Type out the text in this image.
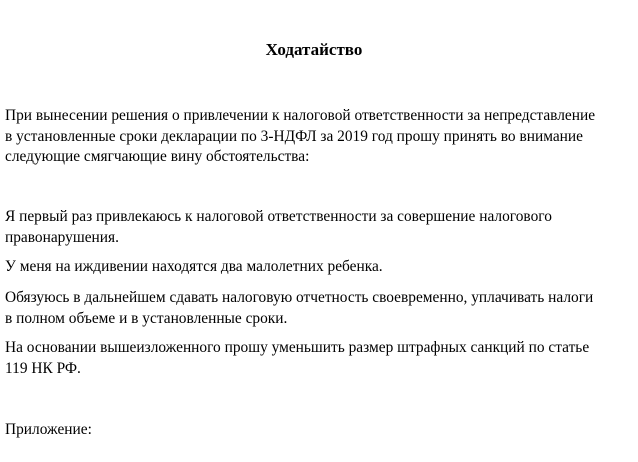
Ходатайство

При вынесении решения о привлечении к налоговой ответственности за непредставление
в установленные сроки декларации по 3-НДФЛ за 2019 год прошу принять во внимание
следующие смягчающие вину обстоятельства:

Я первый раз привлекаюсь к налоговой ответственности за совершение налогового
правонарушения.

У меня на иждивении находятся два малолетних ребенка.

Обязуюсь в дальнейшем сдавать налоговую отчетность своевременно, уплачивать налоги
в полном объеме и в установленные сроки.

На основании вышеизложенного прошу уменьшить размер штрафных санкций по статье
119 НК РФ.

Приложение:
